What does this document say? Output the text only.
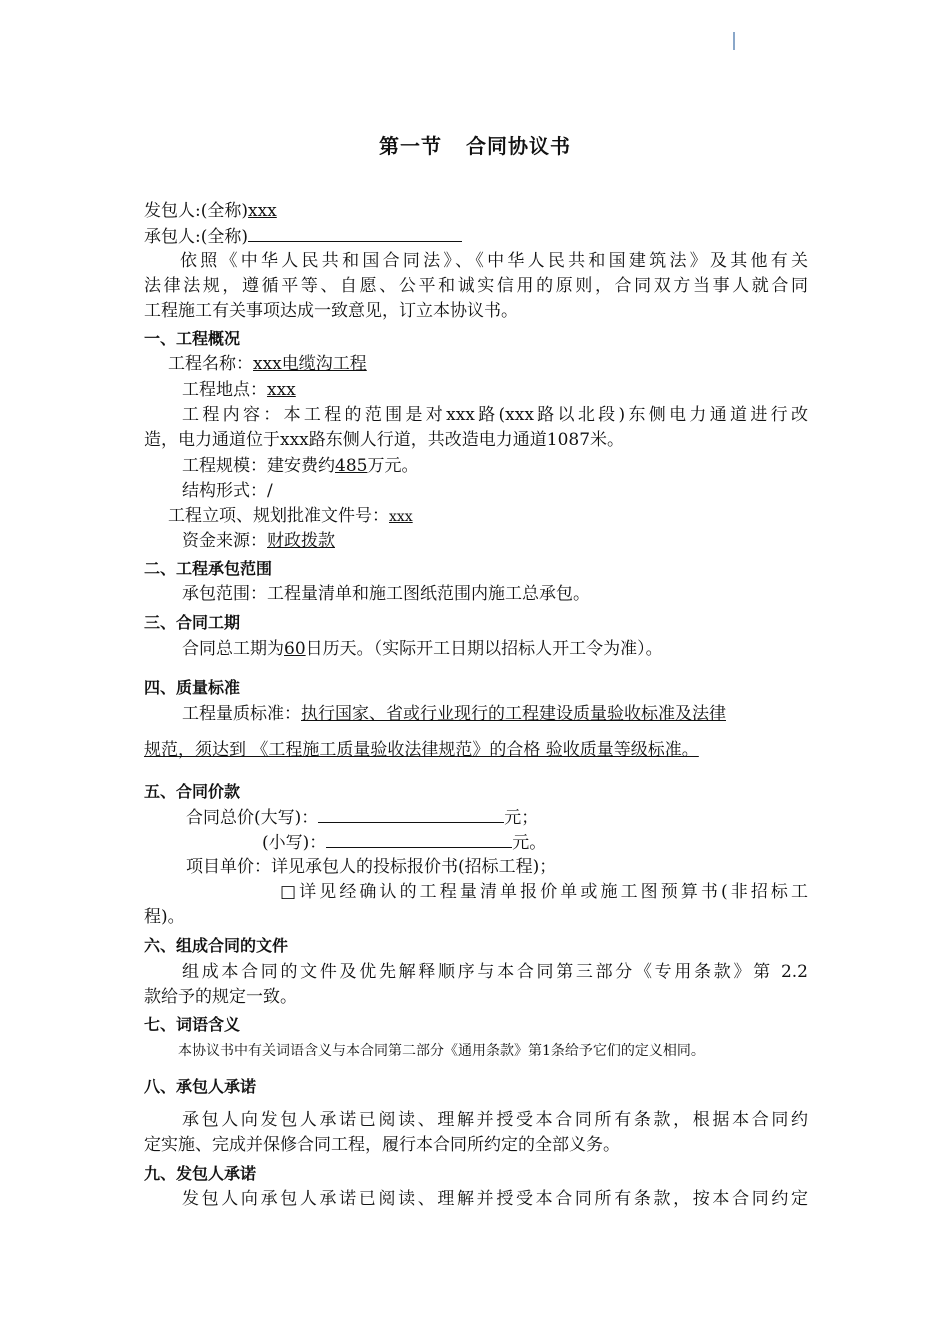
第一节 合同协议书
发包人:(全称)xxx
承包人:(全称)
依照《中华人民共和国合同法》、《中华人民共和国建筑法》及其他有关
法律法规，遵循平等、自愿、公平和诚实信用的原则，合同双方当事人就合同
工程施工有关事项达成一致意见，订立本协议书。
一、工程概况
工程名称：xxx电缆沟工程
工程地点：xxx
工程内容：本工程的范围是对xxx路(xxx路以北段)东侧电力通道进行改
造，电力通道位于xxx路东侧人行道，共改造电力通道1087米。
工程规模：建安费约485万元。
结构形式：/
工程立项、规划批准文件号：xxx
资金来源：财政拨款
二、工程承包范围
承包范围：工程量清单和施工图纸范围内施工总承包。
三、合同工期
合同总工期为60日历天。（实际开工日期以招标人开工令为准）。
四、质量标准
工程量质标准：执行国家、省或行业现行的工程建设质量验收标准及法律
规范，须达到 《工程施工质量验收法律规范》的合格 验收质量等级标准。
五、合同价款
合同总价(大写)：	元；
(小写)：	元。
项目单价：详见承包人的投标报价书(招标工程)；
□详见经确认的工程量清单报价单或施工图预算书(非招标工
程)。
六、组成合同的文件
组成本合同的文件及优先解释顺序与本合同第三部分《专用条款》第 2.2
款给予的规定一致。
七、词语含义
本协议书中有关词语含义与本合同第二部分《通用条款》第1条给予它们的定义相同。
八、承包人承诺
承包人向发包人承诺已阅读、理解并授受本合同所有条款，根据本合同约
定实施、完成并保修合同工程，履行本合同所约定的全部义务。
九、发包人承诺
发包人向承包人承诺已阅读、理解并授受本合同所有条款，按本合同约定
